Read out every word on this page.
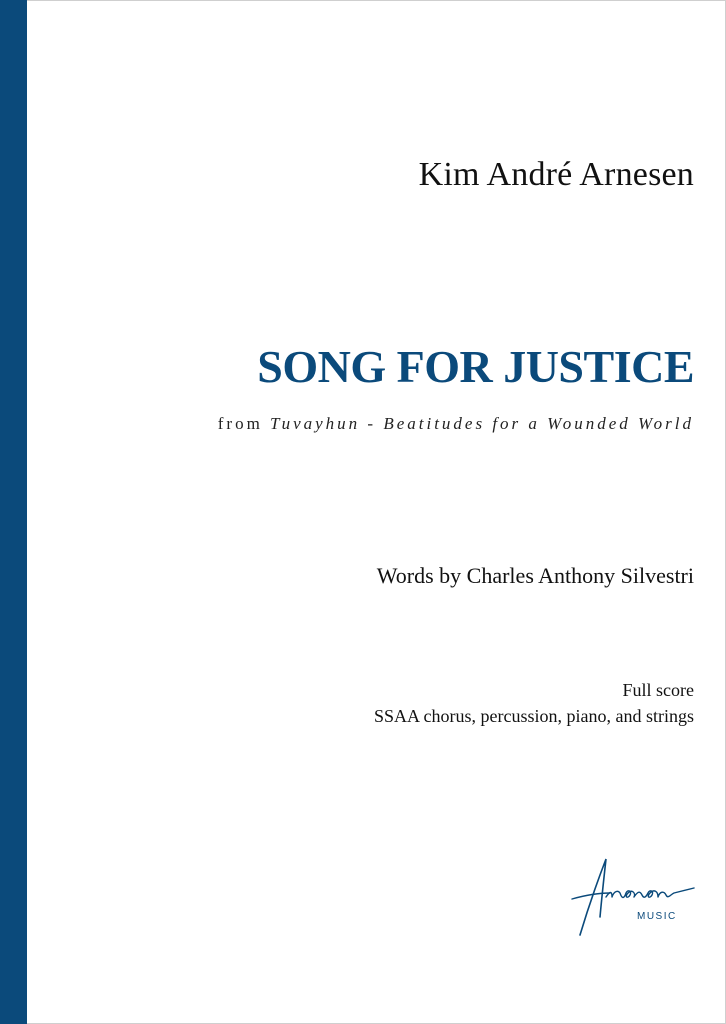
Kim André Arnesen
SONG FOR JUSTICE
from Tuvayhun - Beatitudes for a Wounded World
Words by Charles Anthony Silvestri
Full score
SSAA chorus, percussion, piano, and strings
MUSIC
